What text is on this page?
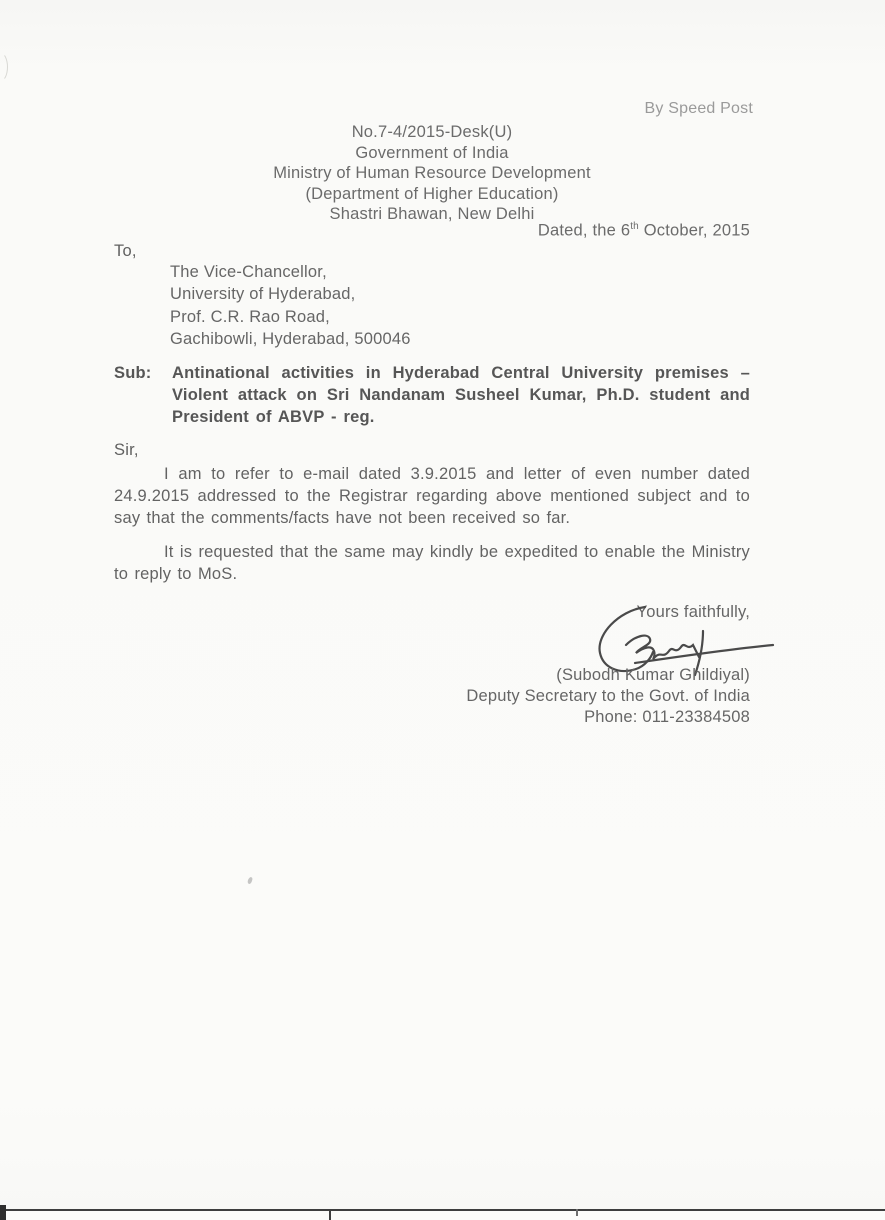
By Speed Post
No.7-4/2015-Desk(U)
Government of India
Ministry of Human Resource Development
(Department of Higher Education)
Shastri Bhawan, New Delhi
Dated, the 6th October, 2015
To,
The Vice-Chancellor,
University of Hyderabad,
Prof. C.R. Rao Road,
Gachibowli, Hyderabad, 500046
Sub:	Antinational activities in Hyderabad Central University premises – Violent attack on Sri Nandanam Susheel Kumar, Ph.D. student and President of ABVP - reg.
Sir,
I am to refer to e-mail dated 3.9.2015 and letter of even number dated 24.9.2015 addressed to the Registrar regarding above mentioned subject and to say that the comments/facts have not been received so far.
It is requested that the same may kindly be expedited to enable the Ministry to reply to MoS.
Yours faithfully,
(Subodh Kumar Ghildiyal)
Deputy Secretary to the Govt. of India
Phone: 011-23384508
